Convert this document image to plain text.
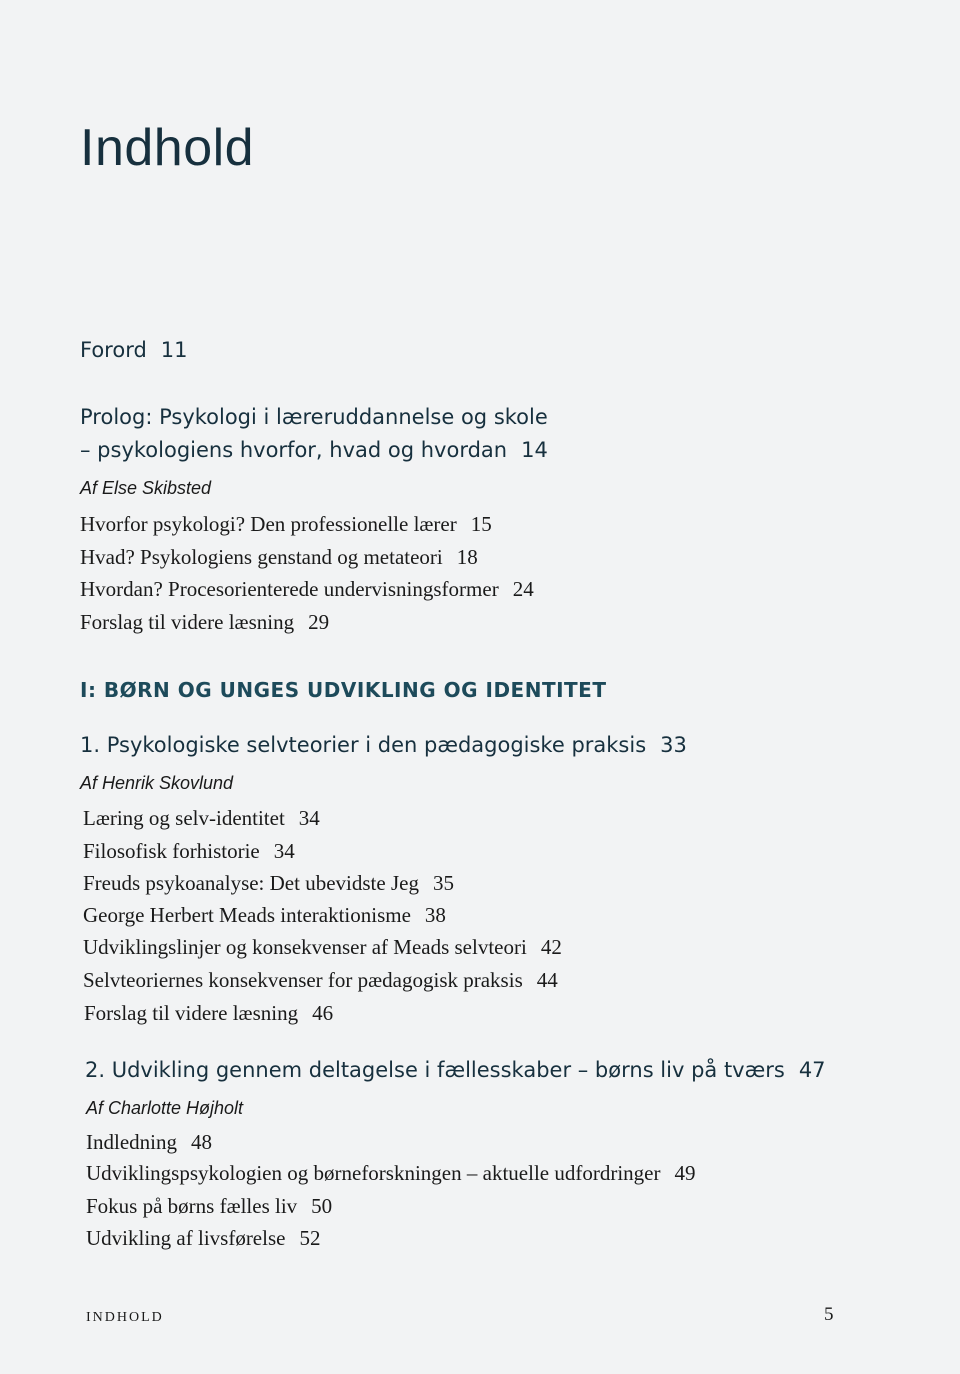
Indhold
Forord 11
Prolog: Psykologi i læreruddannelse og skole
– psykologiens hvorfor, hvad og hvordan 14
Af Else Skibsted
Hvorfor psykologi? Den professionelle lærer 15
Hvad? Psykologiens genstand og metateori 18
Hvordan? Procesorienterede undervisningsformer 24
Forslag til videre læsning 29
I: BØRN OG UNGES UDVIKLING OG IDENTITET
1. Psykologiske selvteorier i den pædagogiske praksis 33
Af Henrik Skovlund
Læring og selv-identitet 34
Filosofisk forhistorie 34
Freuds psykoanalyse: Det ubevidste Jeg 35
George Herbert Meads interaktionisme 38
Udviklingslinjer og konsekvenser af Meads selvteori 42
Selvteoriernes konsekvenser for pædagogisk praksis 44
Forslag til videre læsning 46
2. Udvikling gennem deltagelse i fællesskaber – børns liv på tværs 47
Af Charlotte Højholt
Indledning 48
Udviklingspsykologien og børneforskningen – aktuelle udfordringer 49
Fokus på børns fælles liv 50
Udvikling af livsførelse 52
INDHOLD	5
